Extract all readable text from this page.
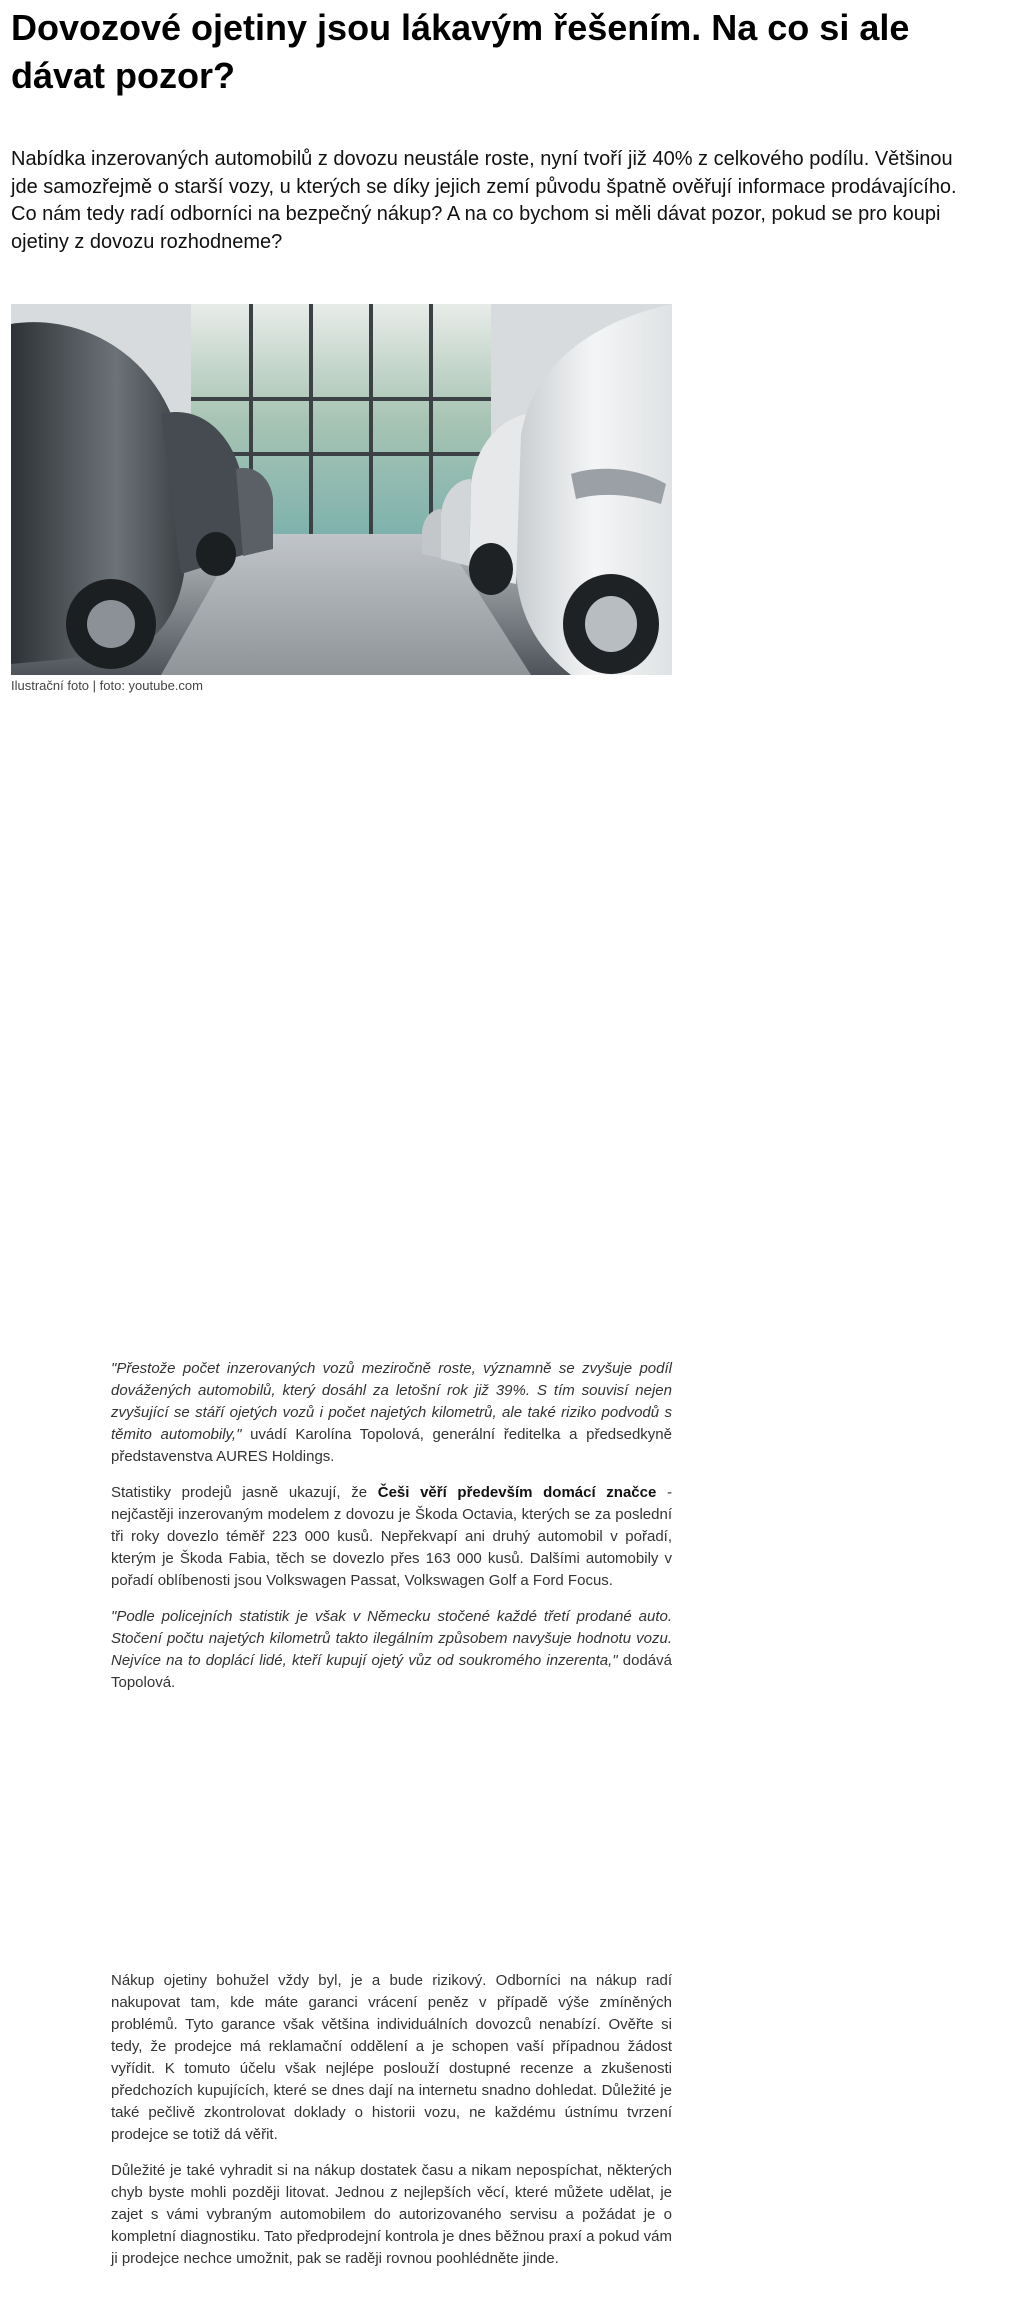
Dovozové ojetiny jsou lákavým řešením. Na co si ale dávat pozor?

Nabídka inzerovaných automobilů z dovozu neustále roste, nyní tvoří již 40% z celkového podílu. Většinou jde samozřejmě o starší vozy, u kterých se díky jejich zemí původu špatně ověřují informace prodávajícího. Co nám tedy radí odborníci na bezpečný nákup? A na co bychom si měli dávat pozor, pokud se pro koupi ojetiny z dovozu rozhodneme?

Ilustrační foto | foto: youtube.com

"Přestože počet inzerovaných vozů meziročně roste, významně se zvyšuje podíl dovážených automobilů, který dosáhl za letošní rok již 39%. S tím souvisí nejen zvyšující se stáří ojetých vozů i počet najetých kilometrů, ale také riziko podvodů s těmito automobily," uvádí Karolína Topolová, generální ředitelka a předsedkyně představenstva AURES Holdings.

Statistiky prodejů jasně ukazují, že Češi věří především domácí značce - nejčastěji inzerovaným modelem z dovozu je Škoda Octavia, kterých se za poslední tři roky dovezlo téměř 223 000 kusů. Nepřekvapí ani druhý automobil v pořadí, kterým je Škoda Fabia, těch se dovezlo přes 163 000 kusů. Dalšími automobily v pořadí oblíbenosti jsou Volkswagen Passat, Volkswagen Golf a Ford Focus.

"Podle policejních statistik je však v Německu stočené každé třetí prodané auto. Stočení počtu najetých kilometrů takto ilegálním způsobem navyšuje hodnotu vozu. Nejvíce na to doplácí lidé, kteří kupují ojetý vůz od soukromého inzerenta," dodává Topolová.

Nákup ojetiny bohužel vždy byl, je a bude rizikový. Odborníci na nákup radí nakupovat tam, kde máte garanci vrácení peněz v případě výše zmíněných problémů. Tyto garance však většina individuálních dovozců nenabízí. Ověřte si tedy, že prodejce má reklamační oddělení a je schopen vaší případnou žádost vyřídit. K tomuto účelu však nejlépe poslouží dostupné recenze a zkušenosti předchozích kupujících, které se dnes dají na internetu snadno dohledat. Důležité je také pečlivě zkontrolovat doklady o historii vozu, ne každému ústnímu tvrzení prodejce se totiž dá věřit.

Důležité je také vyhradit si na nákup dostatek času a nikam nepospíchat, některých chyb byste mohli později litovat. Jednou z nejlepších věcí, které můžete udělat, je zajet s vámi vybraným automobilem do autorizovaného servisu a požádat je o kompletní diagnostiku. Tato předprodejní kontrola je dnes běžnou praxí a pokud vám ji prodejce nechce umožnit, pak se raději rovnou poohlédněte jinde.
